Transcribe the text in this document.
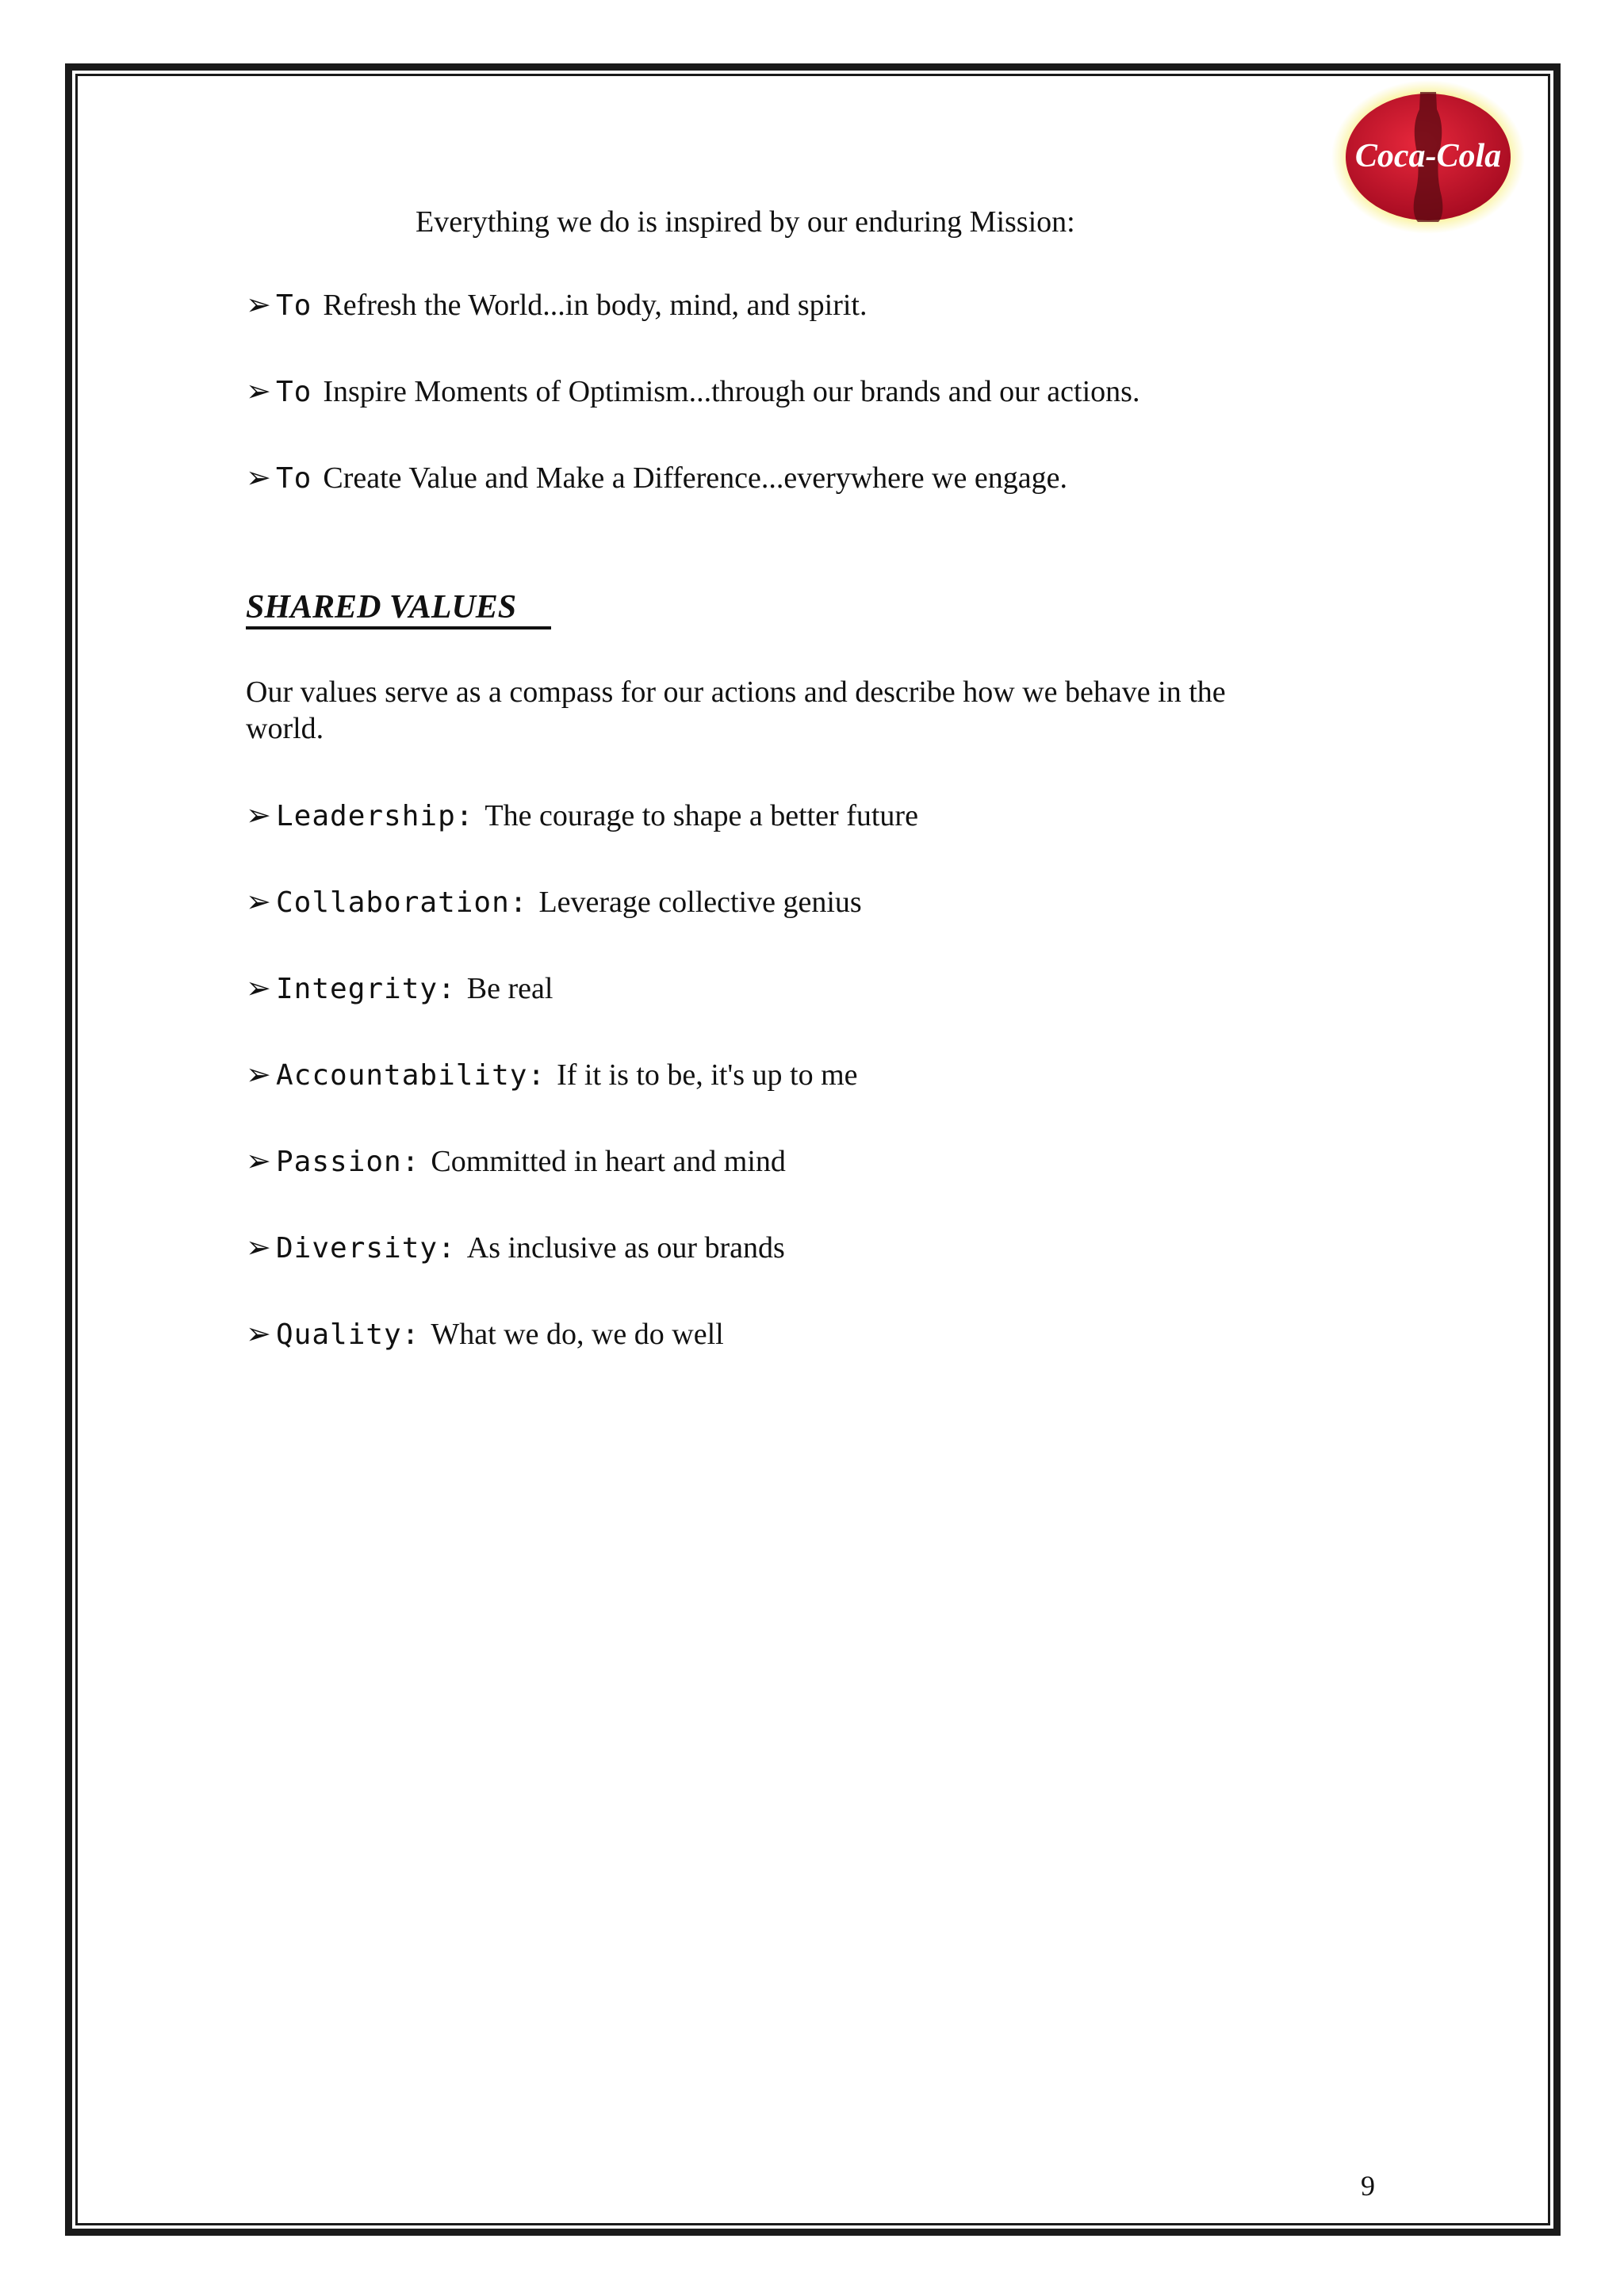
Coca-Cola
Everything we do is inspired by our enduring Mission:
➢ To Refresh the World...in body, mind, and spirit.
➢ To Inspire Moments of Optimism...through our brands and our actions.
➢ To Create Value and Make a Difference...everywhere we engage.
SHARED VALUES
Our values serve as a compass for our actions and describe how we behave in the world.
➢ Leadership: The courage to shape a better future
➢ Collaboration: Leverage collective genius
➢ Integrity: Be real
➢ Accountability: If it is to be, it's up to me
➢ Passion: Committed in heart and mind
➢ Diversity: As inclusive as our brands
➢ Quality: What we do, we do well
9
